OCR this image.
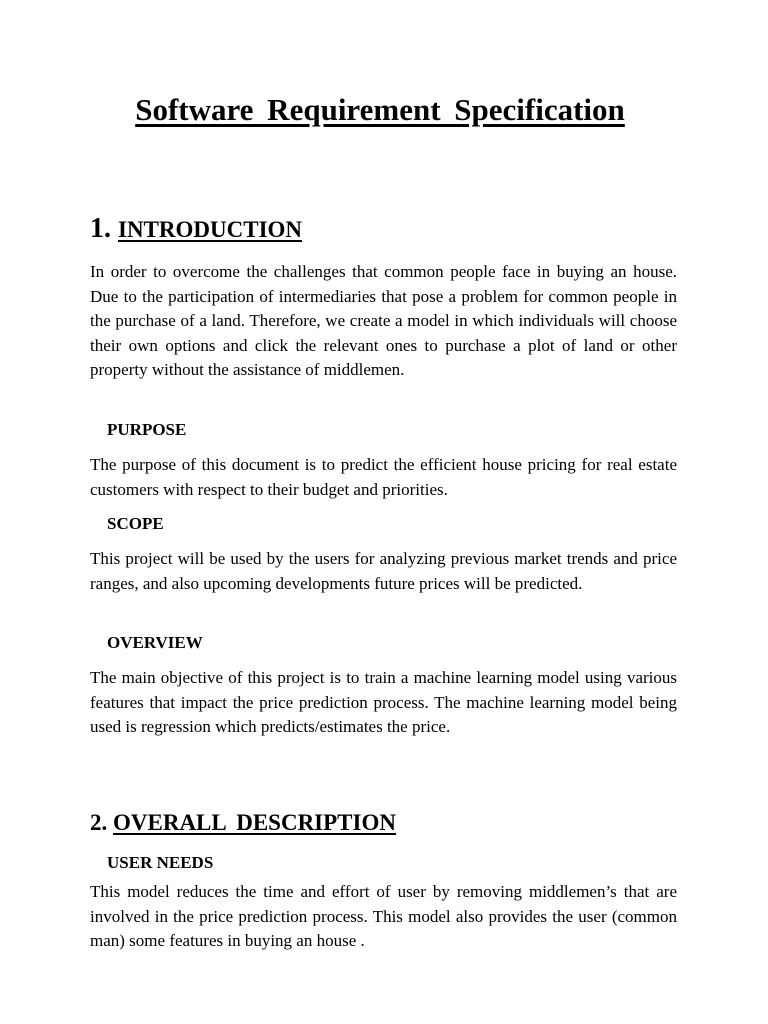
Software Requirement Specification
1. INTRODUCTION

In order to overcome the challenges that common people face in buying an house. Due to the participation of intermediaries that pose a problem for common people in the purchase of a land. Therefore, we create a model in which individuals will choose their own options and click the relevant ones to purchase a plot of land or other property without the assistance of middlemen.

PURPOSE

The purpose of this document is to predict the efficient house pricing for real estate customers with respect to their budget and priorities.

SCOPE

This project will be used by the users for analyzing previous market trends and price ranges, and also upcoming developments future prices will be predicted.

OVERVIEW

The main objective of this project is to train a machine learning model using various features that impact the price prediction process. The machine learning model being used is regression which predicts/estimates the price.

2. OVERALL DESCRIPTION
USER NEEDS

This model reduces the time and effort of user by removing middlemen’s that are involved in the price prediction process. This model also provides the user (common man) some features in buying an house .
